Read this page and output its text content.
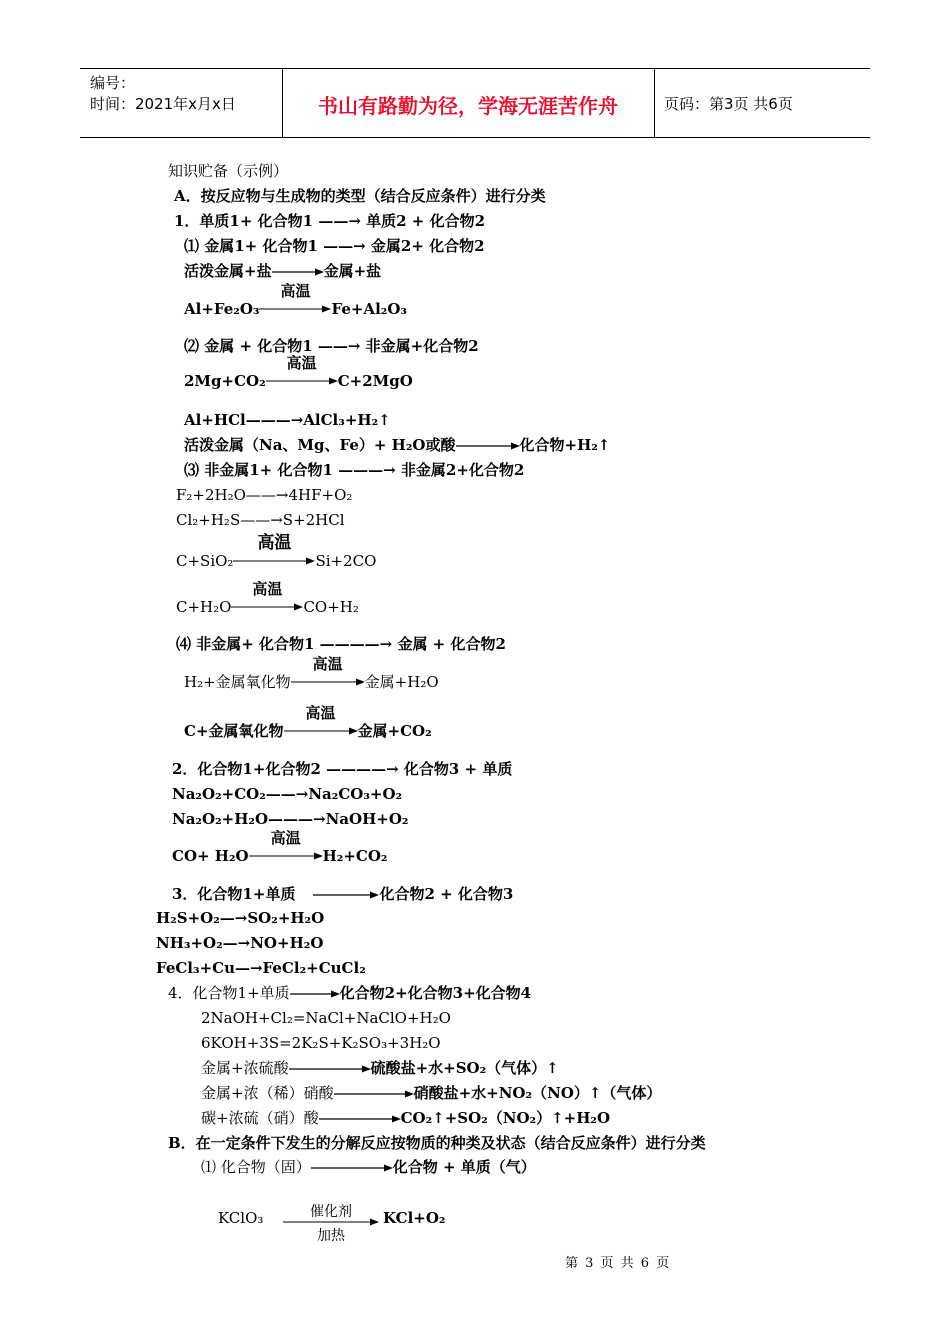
编号：
时间：2021年x月x日	书山有路勤为径，学海无涯苦作舟	页码：第3页 共6页
知识贮备（示例）
A．按反应物与生成物的类型（结合反应条件）进行分类
1．单质1+ 化合物1 ——→ 单质2 + 化合物2
⑴ 金属1+ 化合物1 ——→ 金属2+ 化合物2
活泼金属+盐	金属+盐
Al+Fe₂O₃
高温
Fe+Al₂O₃
⑵ 金属 + 化合物1 ——→ 非金属+化合物2
2Mg+CO₂
高温
C+2MgO
Al+HCl———→AlCl₃+H₂↑
活泼金属（Na、Mg、Fe）+ H₂O或酸	化合物+H₂↑
⑶ 非金属1+ 化合物1 ———→ 非金属2+化合物2
F₂+2H₂O——→4HF+O₂
Cl₂+H₂S——→S+2HCl
C+SiO₂
高温
Si+2CO
C+H₂O
高温
CO+H₂
⑷ 非金属+ 化合物1 ————→ 金属 + 化合物2
H₂+金属氧化物
高温
金属+H₂O
C+金属氧化物
高温
金属+CO₂
2．化合物1+化合物2 ————→ 化合物3 + 单质
Na₂O₂+CO₂——→Na₂CO₃+O₂
Na₂O₂+H₂O———→NaOH+O₂
CO+ H₂O
高温
H₂+CO₂
3．化合物1+单质	化合物2 + 化合物3
H₂S+O₂—→SO₂+H₂O
NH₃+O₂—→NO+H₂O
FeCl₃+Cu—→FeCl₂+CuCl₂
4．化合物1+单质	化合物2+化合物3+化合物4
2NaOH+Cl₂=NaCl+NaClO+H₂O
6KOH+3S=2K₂S+K₂SO₃+3H₂O
金属+浓硫酸	硫酸盐+水+SO₂（气体）↑
金属+浓（稀）硝酸	硝酸盐+水+NO₂（NO）↑（气体）
碳+浓硫（硝）酸	CO₂↑+SO₂（NO₂）↑+H₂O
B．在一定条件下发生的分解反应按物质的种类及状态（结合反应条件）进行分类
⑴ 化合物（固）	化合物 + 单质（气）
KClO₃	催化剂
加热
KCl+O₂
第 3 页 共 6 页
